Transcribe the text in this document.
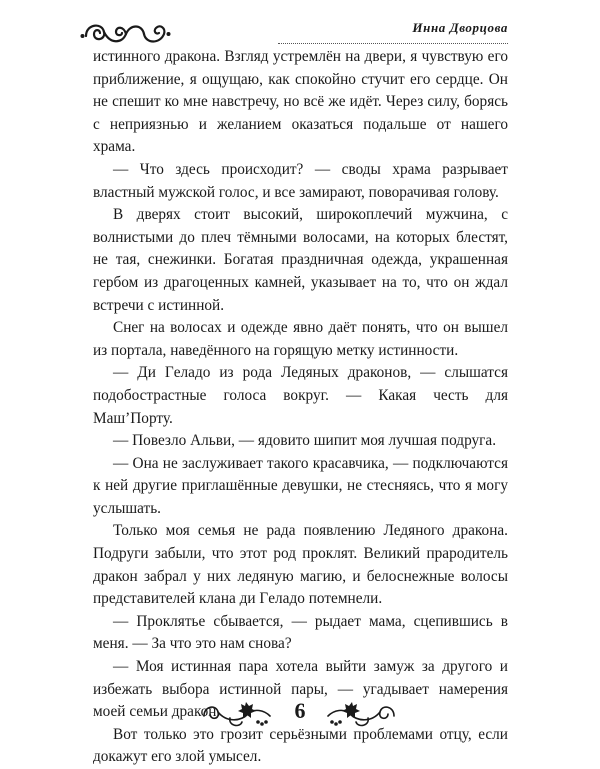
Инна Дворцова

истинного дракона. Взгляд устремлён на двери, я чувствую его приближение, я ощущаю, как спокойно стучит его сердце. Он не спешит ко мне навстречу, но всё же идёт. Через силу, борясь с неприязнью и желанием оказаться подальше от нашего храма.

— Что здесь происходит? — своды храма разрывает властный мужской голос, и все замирают, поворачивая голову.

В дверях стоит высокий, широкоплечий мужчина, с волнистыми до плеч тёмными волосами, на которых блестят, не тая, снежинки. Богатая праздничная одежда, украшенная гербом из драгоценных камней, указывает на то, что он ждал встречи с истинной.

Снег на волосах и одежде явно даёт понять, что он вышел из портала, наведённого на горящую метку истинности.

— Ди Гeладо из рода Ледяных драконов, — слышатся подобострастные голоса вокруг. — Какая честь для Маш’Порту.

— Повезло Альви, — ядовито шипит моя лучшая подруга.

— Она не заслуживает такого красавчика, — подключаются к ней другие приглашённые девушки, не стесняясь, что я могу услышать.

Только моя семья не рада появлению Ледяного дракона. Подруги забыли, что этот род проклят. Великий прародитель дракон забрал у них ледяную магию, и белоснежные волосы представителей клана ди Гeладо потемнели.

— Проклятье сбывается, — рыдает мама, сцепившись в меня. — За что это нам снова?

— Моя истинная пара хотела выйти замуж за другого и избежать выбора истинной пары, — угадывает намерения моей семьи дракон.

Вот только это грозит серьёзными проблемами отцу, если докажут его злой умысел.

6
